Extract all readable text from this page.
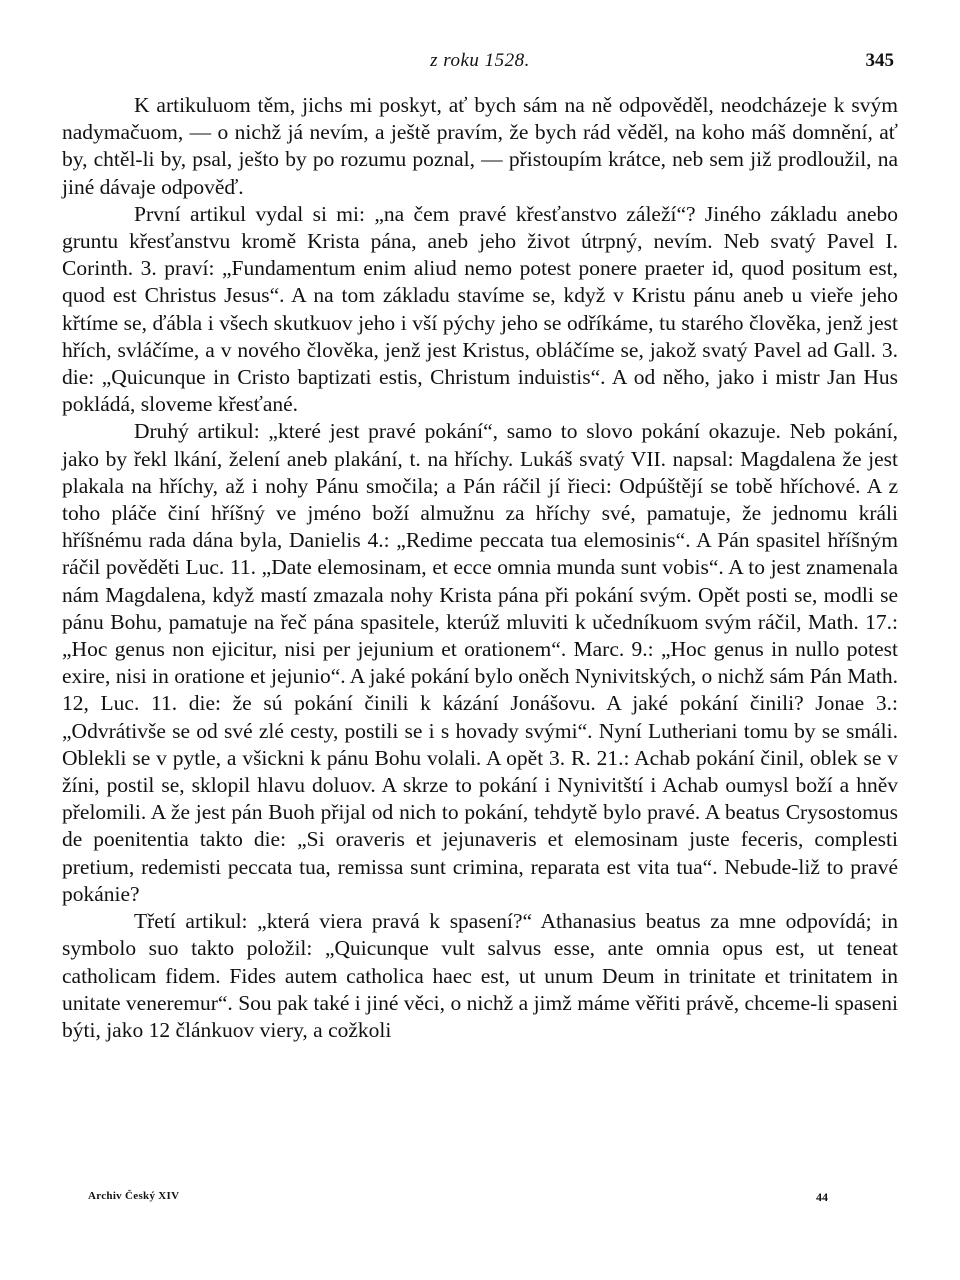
z roku 1528.	345

K artikuluom těm, jichs mi poskyt, ať bych sám na ně odpověděl, neodcházeje k svým nadymačuom, — o nichž já nevím, a ještě pravím, že bych rád věděl, na koho máš domnění, ať by, chtěl-li by, psal, ješto by po rozumu poznal, — přistoupím krátce, neb sem již prodloužil, na jiné dávaje odpověď.

První artikul vydal si mi: „na čem pravé křesťanstvo záleží“? Jiného základu anebo gruntu křesťanstvu kromě Krista pána, aneb jeho život útrpný, nevím. Neb svatý Pavel I. Corinth. 3. praví: „Fundamentum enim aliud nemo potest ponere praeter id, quod positum est, quod est Christus Jesus“. A na tom základu stavíme se, když v Kristu pánu aneb u vieře jeho křtíme se, ďábla i všech skutkuov jeho i vší pýchy jeho se odříkáme, tu starého člověka, jenž jest hřích, svláčíme, a v nového člověka, jenž jest Kristus, obláčíme se, jakož svatý Pavel ad Gall. 3. die: „Quicunque in Cristo baptizati estis, Christum induistis“. A od něho, jako i mistr Jan Hus pokládá, sloveme křesťané.

Druhý artikul: „které jest pravé pokání“, samo to slovo pokání okazuje. Neb pokání, jako by řekl lkání, želení aneb plakání, t. na hříchy. Lukáš svatý VII. napsal: Magdalena že jest plakala na hříchy, až i nohy Pánu smočila; a Pán ráčil jí řieci: Odpúštějí se tobě hříchové. A z toho pláče činí hříšný ve jméno boží almužnu za hříchy své, pamatuje, že jednomu králi hříšnému rada dána byla, Danielis 4.: „Redime peccata tua elemosinis“. A Pán spasitel hříšným ráčil pověděti Luc. 11. „Date elemosinam, et ecce omnia munda sunt vobis“. A to jest znamenala nám Magdalena, když mastí zmazala nohy Krista pána při pokání svým. Opět posti se, modli se pánu Bohu, pamatuje na řeč pána spasitele, kterúž mluviti k učedníkuom svým ráčil, Math. 17.: „Hoc genus non ejicitur, nisi per jejunium et orationem“. Marc. 9.: „Hoc genus in nullo potest exire, nisi in oratione et jejunio“. A jaké pokání bylo oněch Nynivitských, o nichž sám Pán Math. 12, Luc. 11. die: že sú pokání činili k kázání Jonášovu. A jaké pokání činili? Jonae 3.: „Odvrátivše se od své zlé cesty, postili se i s hovady svými“. Nyní Lutheriani tomu by se smáli. Oblekli se v pytle, a všickni k pánu Bohu volali. A opět 3. R. 21.: Achab pokání činil, oblek se v žíni, postil se, sklopil hlavu doluov. A skrze to pokání i Nynivitští i Achab oumysl boží a hněv přelomili. A že jest pán Buoh přijal od nich to pokání, tehdytě bylo pravé. A beatus Crysostomus de poenitentia takto die: „Si oraveris et jejunaveris et elemosinam juste feceris, complesti pretium, redemisti peccata tua, remissa sunt crimina, reparata est vita tua“. Nebude-liž to pravé pokánie?

Třetí artikul: „která viera pravá k spasení?“ Athanasius beatus za mne odpovídá; in symbolo suo takto položil: „Quicunque vult salvus esse, ante omnia opus est, ut teneat catholicam fidem. Fides autem catholica haec est, ut unum Deum in trinitate et trinitatem in unitate veneremur“. Sou pak také i jiné věci, o nichž a jimž máme věřiti právě, chceme-li spaseni býti, jako 12 článkuov viery, a cožkoli

Archiv Český XIV	44
